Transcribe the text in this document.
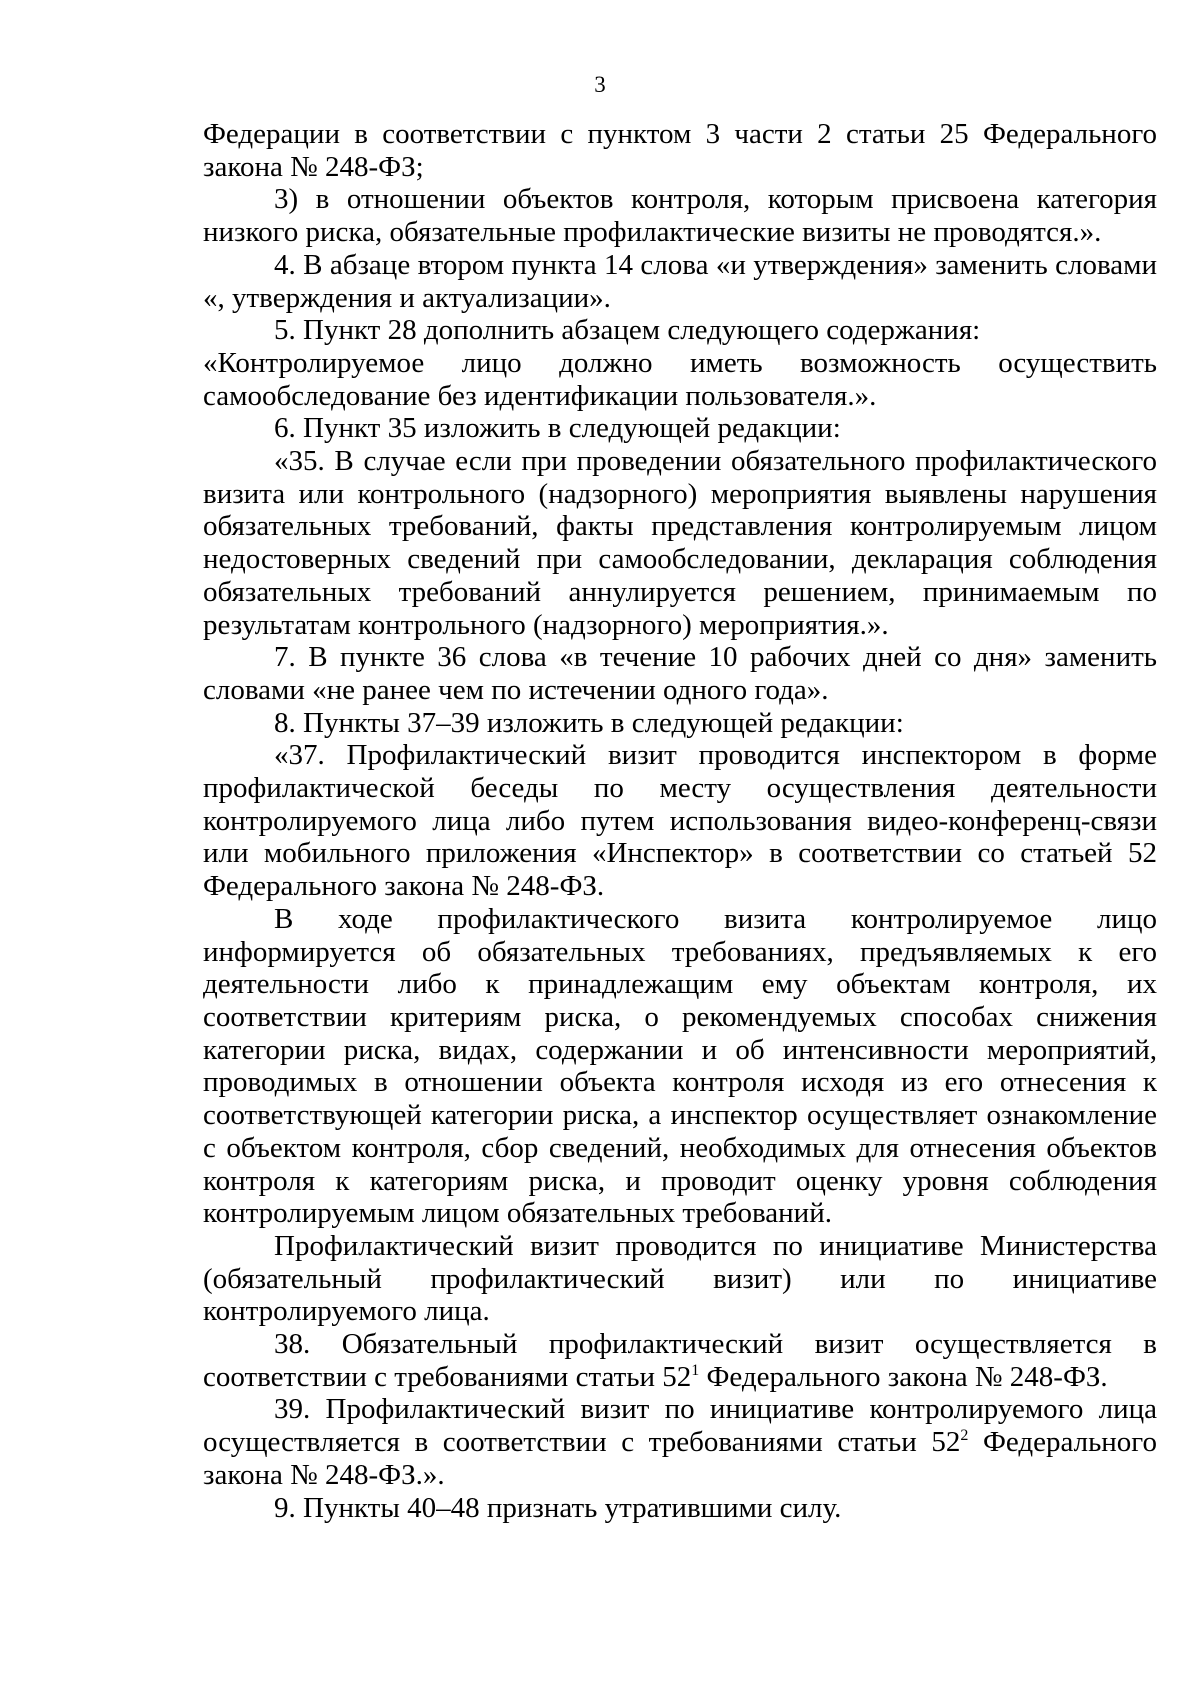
3

Федерации в соответствии с пунктом 3 части 2 статьи 25 Федерального закона № 248-ФЗ;

3) в отношении объектов контроля, которым присвоена категория низкого риска, обязательные профилактические визиты не проводятся.».

4. В абзаце втором пункта 14 слова «и утверждения» заменить словами «, утверждения и актуализации».

5. Пункт 28 дополнить абзацем следующего содержания:

«Контролируемое лицо должно иметь возможность осуществить самообследование без идентификации пользователя.».

6. Пункт 35 изложить в следующей редакции:

«35. В случае если при проведении обязательного профилактического визита или контрольного (надзорного) мероприятия выявлены нарушения обязательных требований, факты представления контролируемым лицом недостоверных сведений при самообследовании, декларация соблюдения обязательных требований аннулируется решением, принимаемым по результатам контрольного (надзорного) мероприятия.».

7. В пункте 36 слова «в течение 10 рабочих дней со дня» заменить словами «не ранее чем по истечении одного года».

8. Пункты 37–39 изложить в следующей редакции:

«37. Профилактический визит проводится инспектором в форме профилактической беседы по месту осуществления деятельности контролируемого лица либо путем использования видео-конференц-связи или мобильного приложения «Инспектор» в соответствии со статьей 52 Федерального закона № 248-ФЗ.

В ходе профилактического визита контролируемое лицо информируется об обязательных требованиях, предъявляемых к его деятельности либо к принадлежащим ему объектам контроля, их соответствии критериям риска, о рекомендуемых способах снижения категории риска, видах, содержании и об интенсивности мероприятий, проводимых в отношении объекта контроля исходя из его отнесения к соответствующей категории риска, а инспектор осуществляет ознакомление с объектом контроля, сбор сведений, необходимых для отнесения объектов контроля к категориям риска, и проводит оценку уровня соблюдения контролируемым лицом обязательных требований.

Профилактический визит проводится по инициативе Министерства (обязательный профилактический визит) или по инициативе контролируемого лица.

38. Обязательный профилактический визит осуществляется в соответствии с требованиями статьи $52^1$ Федерального закона № 248-ФЗ.

39. Профилактический визит по инициативе контролируемого лица осуществляется в соответствии с требованиями статьи $52^2$ Федерального закона № 248-ФЗ.».

9. Пункты 40–48 признать утратившими силу.
